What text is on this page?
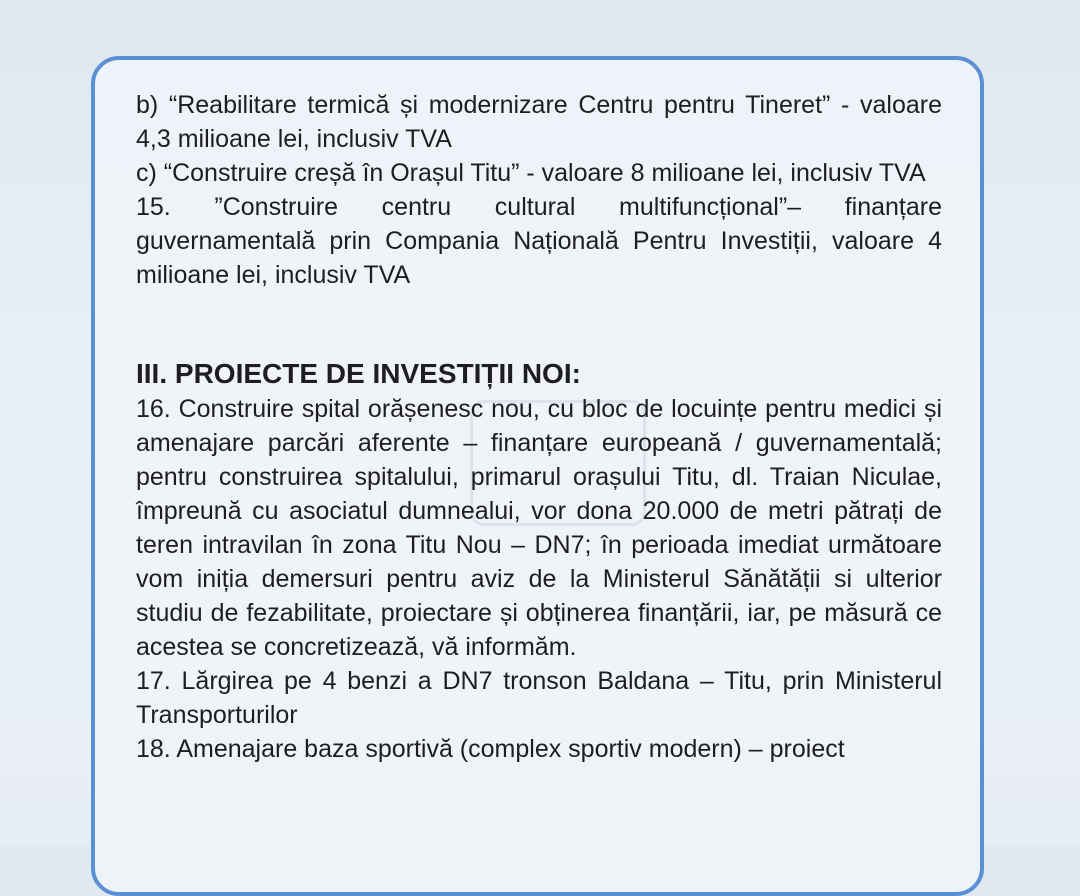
b) “Reabilitare termică și modernizare Centru pentru Tineret” - valoare 4,3 milioane lei, inclusiv TVA

c) “Construire creșă în Orașul Titu” - valoare 8 milioane lei, inclusiv TVA

15. ”Construire centru cultural multifuncțional”– finanțare guvernamentală prin Compania Națională Pentru Investiții, valoare 4 milioane lei, inclusiv TVA

III. PROIECTE DE INVESTIȚII NOI:

16. Construire spital orășenesc nou, cu bloc de locuințe pentru medici și amenajare parcări aferente – finanțare europeană / guvernamentală; pentru construirea spitalului, primarul orașului Titu, dl. Traian Niculae, împreună cu asociatul dumnealui, vor dona 20.000 de metri pătrați de teren intravilan în zona Titu Nou – DN7; în perioada imediat următoare vom iniția demersuri pentru aviz de la Ministerul Sănătății si ulterior studiu de fezabilitate, proiectare și obținerea finanțării, iar, pe măsură ce acestea se concretizează, vă informăm.

17. Lărgirea pe 4 benzi a DN7 tronson Baldana – Titu, prin Ministerul Transporturilor

18. Amenajare baza sportivă (complex sportiv modern) – proiect
